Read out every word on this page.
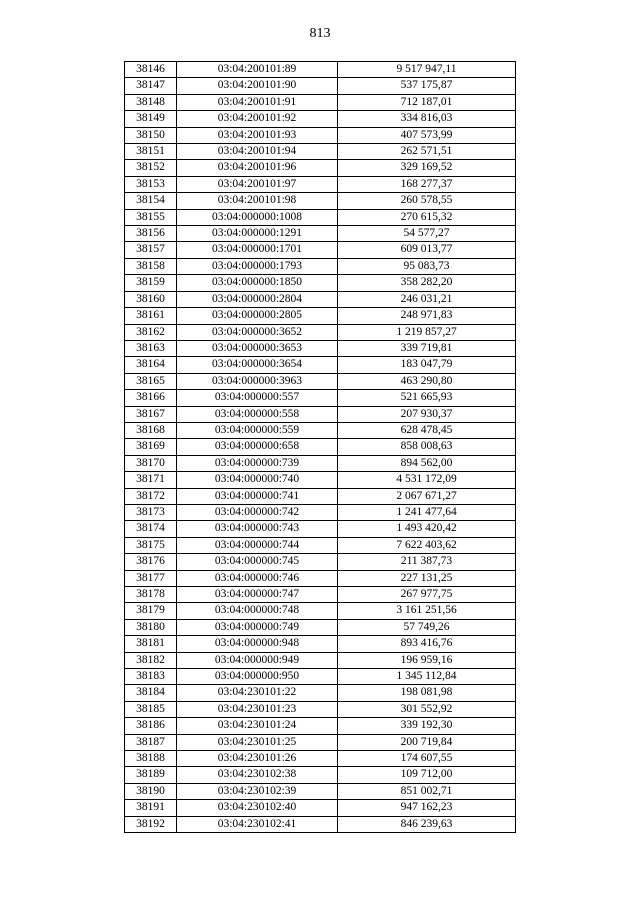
813
38146	03:04:200101:89	9 517 947,11
38147	03:04:200101:90	537 175,87
38148	03:04:200101:91	712 187,01
38149	03:04:200101:92	334 816,03
38150	03:04:200101:93	407 573,99
38151	03:04:200101:94	262 571,51
38152	03:04:200101:96	329 169,52
38153	03:04:200101:97	168 277,37
38154	03:04:200101:98	260 578,55
38155	03:04:000000:1008	270 615,32
38156	03:04:000000:1291	54 577,27
38157	03:04:000000:1701	609 013,77
38158	03:04:000000:1793	95 083,73
38159	03:04:000000:1850	358 282,20
38160	03:04:000000:2804	246 031,21
38161	03:04:000000:2805	248 971,83
38162	03:04:000000:3652	1 219 857,27
38163	03:04:000000:3653	339 719,81
38164	03:04:000000:3654	183 047,79
38165	03:04:000000:3963	463 290,80
38166	03:04:000000:557	521 665,93
38167	03:04:000000:558	207 930,37
38168	03:04:000000:559	628 478,45
38169	03:04:000000:658	858 008,63
38170	03:04:000000:739	894 562,00
38171	03:04:000000:740	4 531 172,09
38172	03:04:000000:741	2 067 671,27
38173	03:04:000000:742	1 241 477,64
38174	03:04:000000:743	1 493 420,42
38175	03:04:000000:744	7 622 403,62
38176	03:04:000000:745	211 387,73
38177	03:04:000000:746	227 131,25
38178	03:04:000000:747	267 977,75
38179	03:04:000000:748	3 161 251,56
38180	03:04:000000:749	57 749,26
38181	03:04:000000:948	893 416,76
38182	03:04:000000:949	196 959,16
38183	03:04:000000:950	1 345 112,84
38184	03:04:230101:22	198 081,98
38185	03:04:230101:23	301 552,92
38186	03:04:230101:24	339 192,30
38187	03:04:230101:25	200 719,84
38188	03:04:230101:26	174 607,55
38189	03:04:230102:38	109 712,00
38190	03:04:230102:39	851 002,71
38191	03:04:230102:40	947 162,23
38192	03:04:230102:41	846 239,63
